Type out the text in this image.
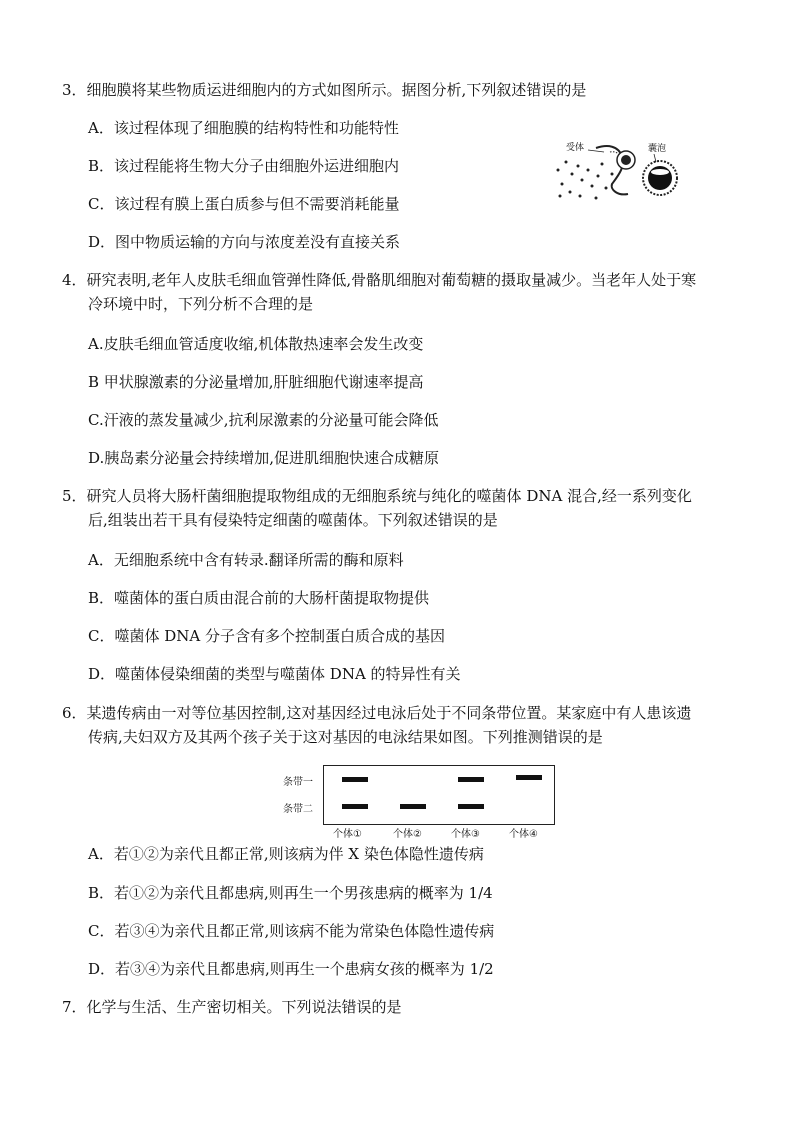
3．细胞膜将某些物质运进细胞内的方式如图所示。据图分析,下列叙述错误的是
A．该过程体现了细胞膜的结构特性和功能特性
B．该过程能将生物大分子由细胞外运进细胞内
C．该过程有膜上蛋白质参与但不需要消耗能量
D．图中物质运输的方向与浓度差没有直接关系
受体	囊泡
4．研究表明,老年人皮肤毛细血管弹性降低,骨骼肌细胞对葡萄糖的摄取量减少。当老年人处于寒
冷环境中时，下列分析不合理的是
A.皮肤毛细血管适度收缩,机体散热速率会发生改变
B 甲状腺激素的分泌量增加,肝脏细胞代谢速率提高
C.汗液的蒸发量减少,抗利尿激素的分泌量可能会降低
D.胰岛素分泌量会持续增加,促进肌细胞快速合成糖原
5．研究人员将大肠杆菌细胞提取物组成的无细胞系统与纯化的噬菌体 DNA 混合,经一系列变化
后,组装出若干具有侵染特定细菌的噬菌体。下列叙述错误的是
A．无细胞系统中含有转录.翻译所需的酶和原料
B．噬菌体的蛋白质由混合前的大肠杆菌提取物提供
C．噬菌体 DNA 分子含有多个控制蛋白质合成的基因
D．噬菌体侵染细菌的类型与噬菌体 DNA 的特异性有关
6．某遗传病由一对等位基因控制,这对基因经过电泳后处于不同条带位置。某家庭中有人患该遗
传病,夫妇双方及其两个孩子关于这对基因的电泳结果如图。下列推测错误的是
条带一
条带二
个体①	个体②	个体③	个体④
A．若①②为亲代且都正常,则该病为伴 X 染色体隐性遗传病
B．若①②为亲代且都患病,则再生一个男孩患病的概率为 1/4
C．若③④为亲代且都正常,则该病不能为常染色体隐性遗传病
D．若③④为亲代且都患病,则再生一个患病女孩的概率为 1/2
7．化学与生活、生产密切相关。下列说法错误的是
